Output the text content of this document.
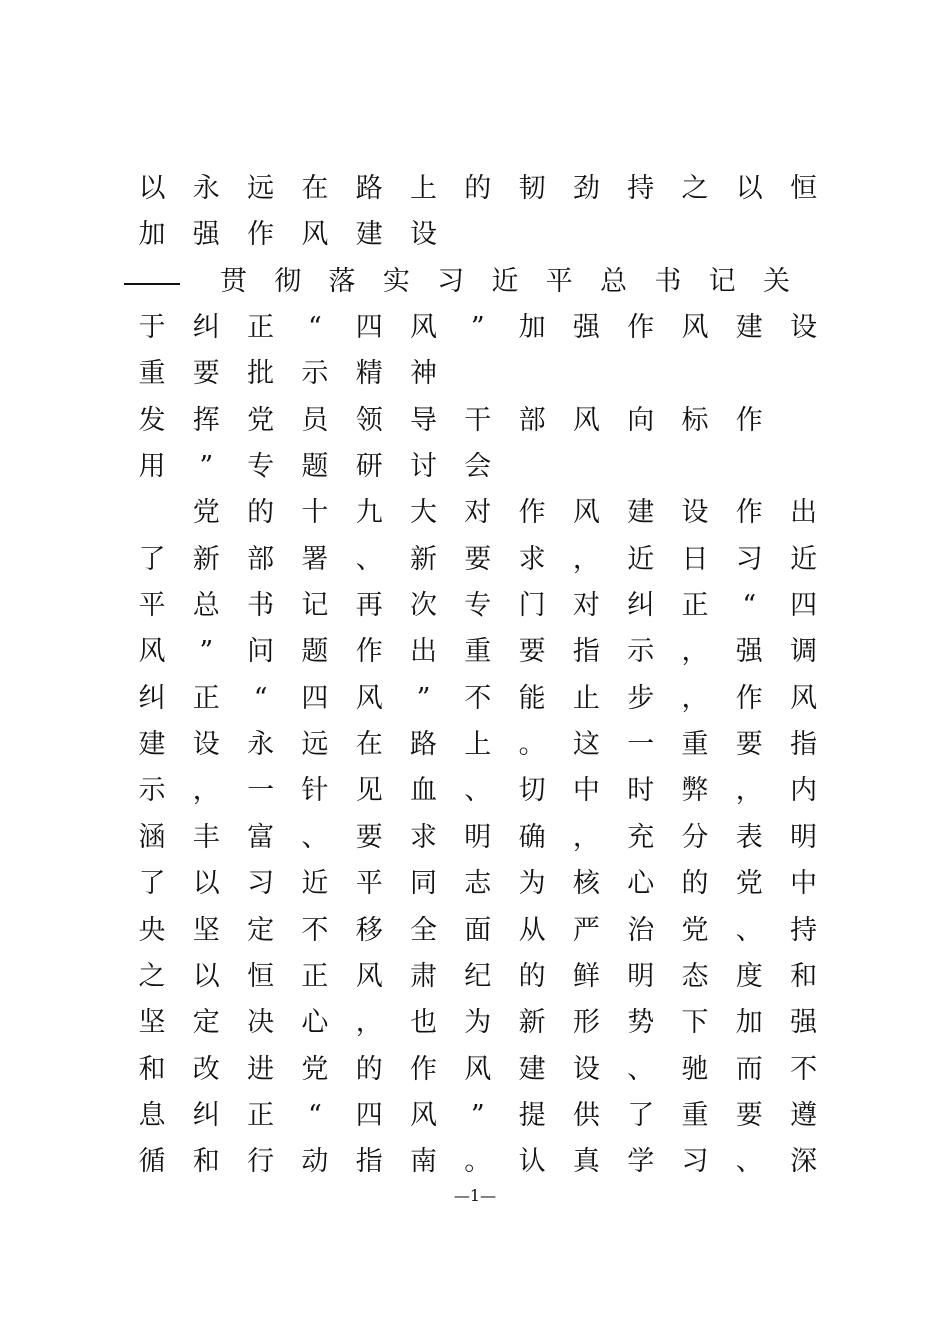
以 永 远 在 路 上 的 韧 劲 持 之 以 恒
加 强 作 风 建 设
贯 彻 落 实 习 近 平 总 书 记 关
于 纠 正	“	四 风	”	加 强 作 风 建 设
重 要 批 示 精 神
发 挥 党 员 领 导 干 部 风 向 标 作
用	”	专 题 研 讨 会
党 的 十 九 大 对 作 风 建 设 作 出
了 新 部 署 、 新 要 求 ， 近 日 习 近
平 总 书 记 再 次 专 门 对 纠 正	“	四
风	”	问 题 作 出 重 要 指 示 ， 强 调
纠 正	“	四 风	”	不 能 止 步 ， 作 风
建 设 永 远 在 路 上 。 这 一 重 要 指
示 ， 一 针 见 血 、 切 中 时 弊 ， 内
涵 丰 富 、 要 求 明 确 ， 充 分 表 明
了 以 习 近 平 同 志 为 核 心 的 党 中
央 坚 定 不 移 全 面 从 严 治 党 、 持
之 以 恒 正 风 肃 纪 的 鲜 明 态 度 和
坚 定 决 心 ， 也 为 新 形 势 下 加 强
和 改 进 党 的 作 风 建 设 、 驰 而 不
息 纠 正	“	四 风	”	提 供 了 重 要 遵
循 和 行 动 指 南 。 认 真 学 习 、 深
—1—
